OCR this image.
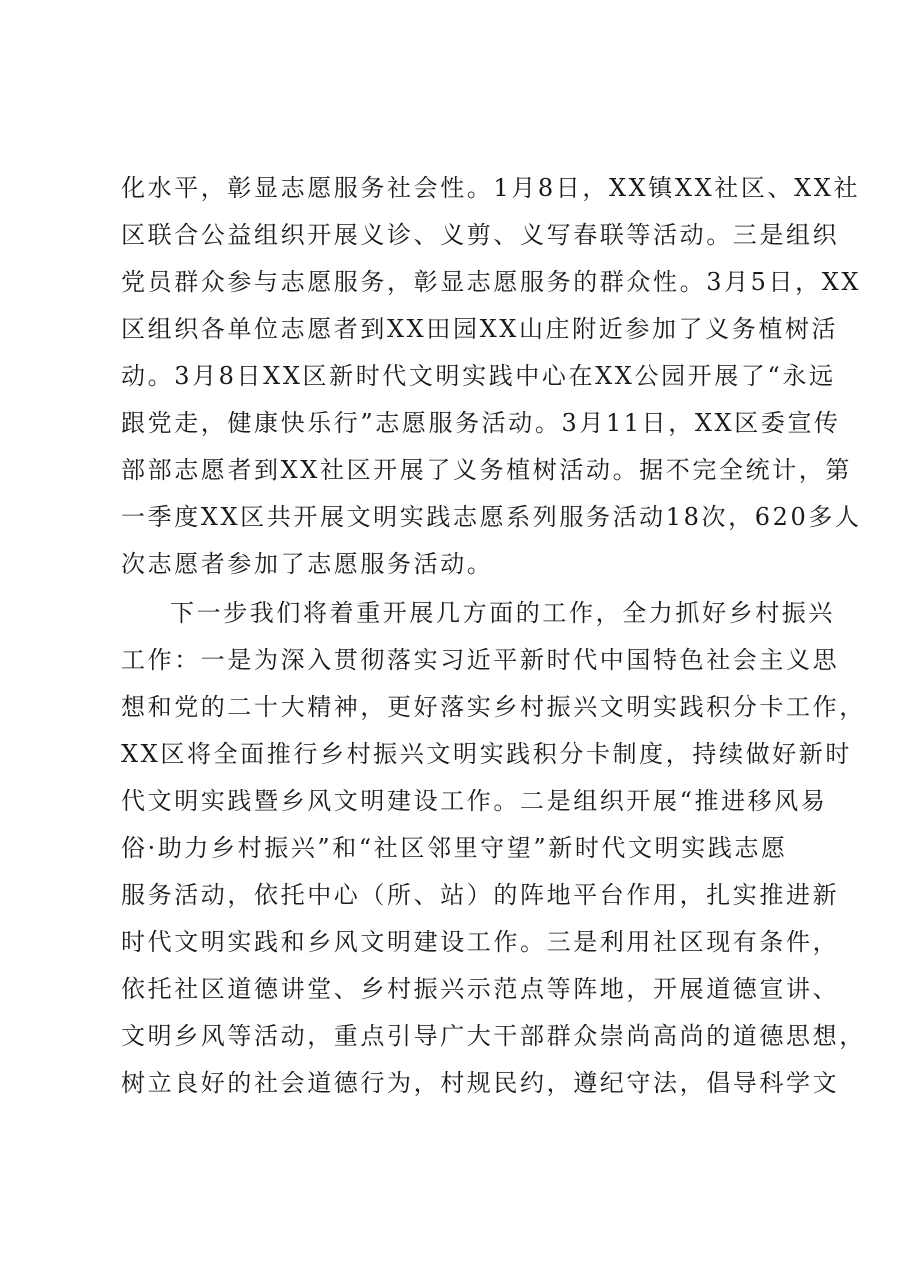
化水平，彰显志愿服务社会性。1月8日，XX镇XX社区、XX社
区联合公益组织开展义诊、义剪、义写春联等活动。三是组织
党员群众参与志愿服务，彰显志愿服务的群众性。3月5日，XX
区组织各单位志愿者到XX田园XX山庄附近参加了义务植树活
动。3月8日XX区新时代文明实践中心在XX公园开展了“永远
跟党走，健康快乐行”志愿服务活动。3月11日，XX区委宣传
部部志愿者到XX社区开展了义务植树活动。据不完全统计，第
一季度XX区共开展文明实践志愿系列服务活动18次，620多人
次志愿者参加了志愿服务活动。
下一步我们将着重开展几方面的工作，全力抓好乡村振兴
工作：一是为深入贯彻落实习近平新时代中国特色社会主义思
想和党的二十大精神，更好落实乡村振兴文明实践积分卡工作，
XX区将全面推行乡村振兴文明实践积分卡制度，持续做好新时
代文明实践暨乡风文明建设工作。二是组织开展“推进移风易
俗·助力乡村振兴”和“社区邻里守望”新时代文明实践志愿
服务活动，依托中心（所、站）的阵地平台作用，扎实推进新
时代文明实践和乡风文明建设工作。三是利用社区现有条件，
依托社区道德讲堂、乡村振兴示范点等阵地，开展道德宣讲、
文明乡风等活动，重点引导广大干部群众崇尚高尚的道德思想，
树立良好的社会道德行为，村规民约，遵纪守法，倡导科学文
